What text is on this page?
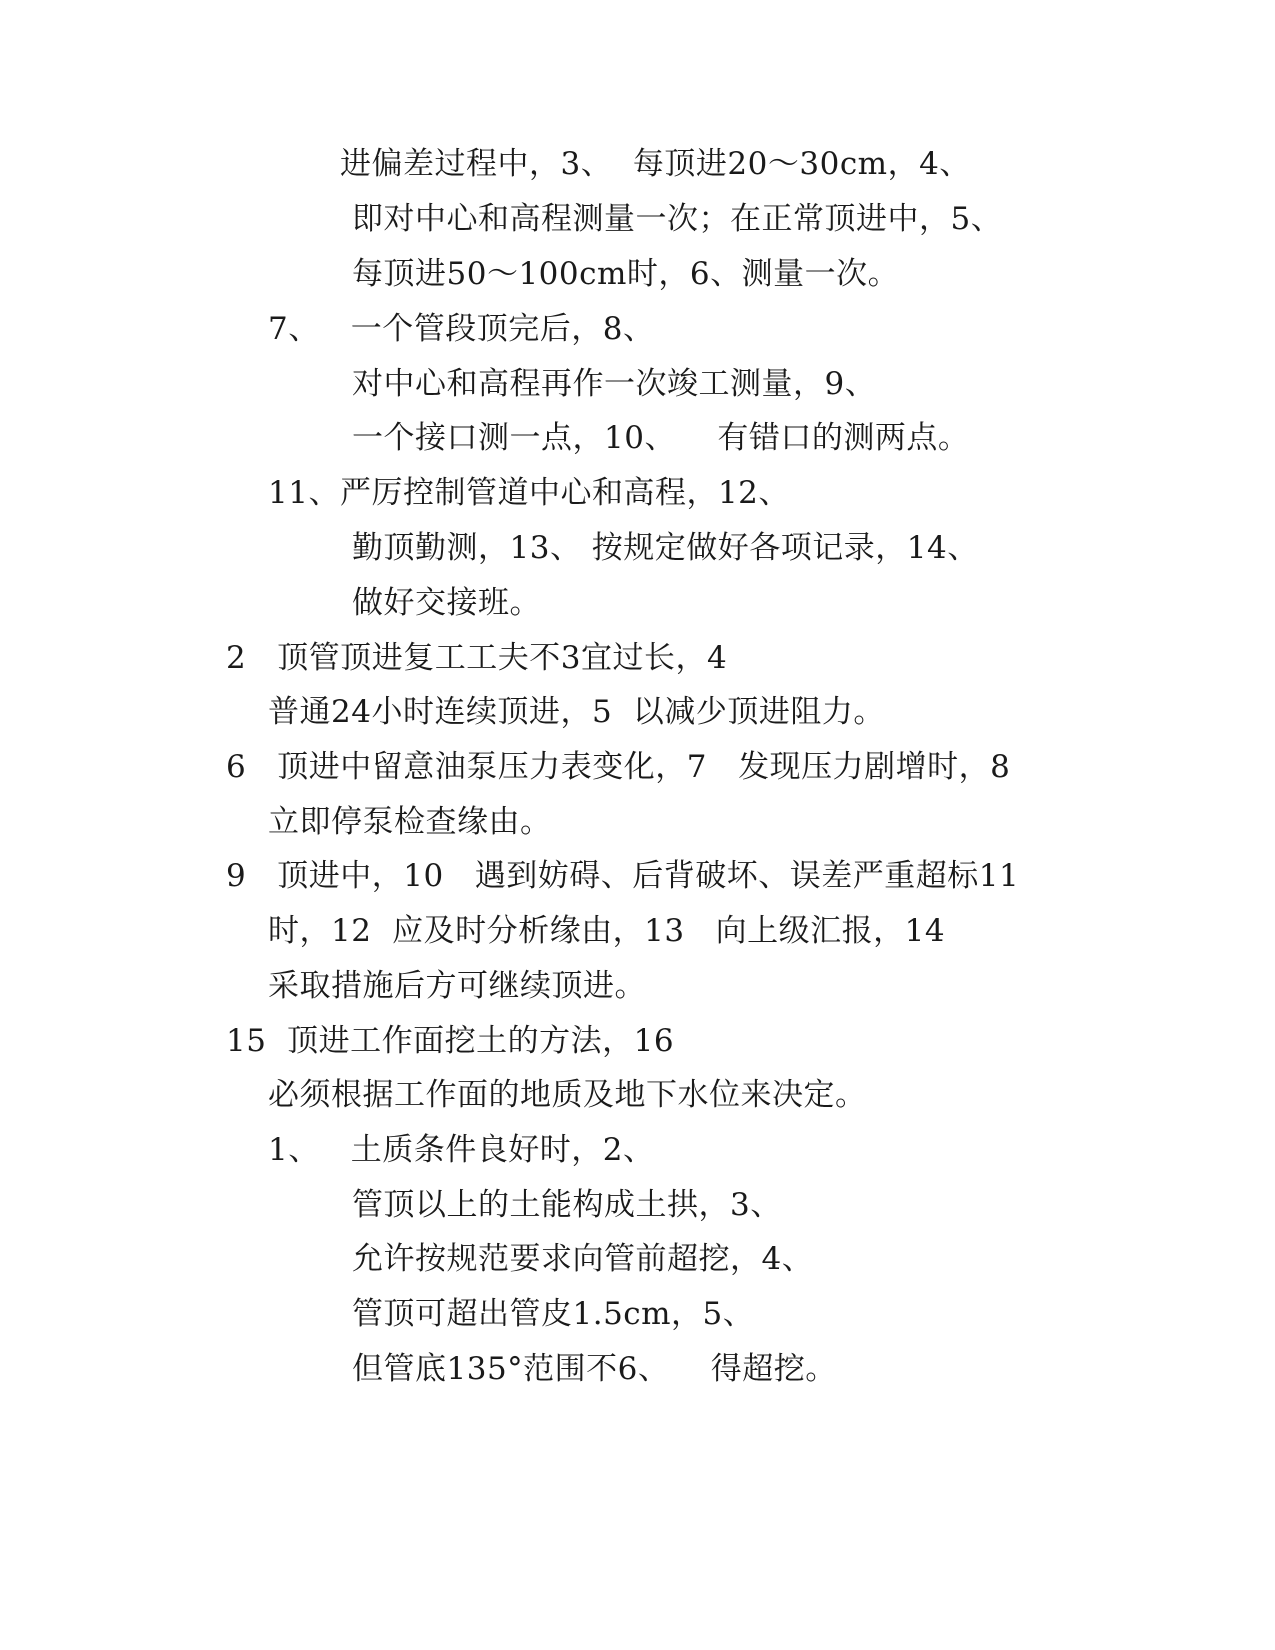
进偏差过程中，3、  每顶进20～30cm，4、
即对中心和高程测量一次；在正常顶进中，5、
每顶进50～100cm时，6、测量一次。
7、   一个管段顶完后，8、
对中心和高程再作一次竣工测量，9、
一个接口测一点，10、    有错口的测两点。
11、严厉控制管道中心和高程，12、
勤顶勤测，13、 按规定做好各项记录，14、
做好交接班。
2   顶管顶进复工工夫不3宜过长，4
普通24小时连续顶进，5  以减少顶进阻力。
6   顶进中留意油泵压力表变化，7   发现压力剧增时，8
立即停泵检查缘由。
9   顶进中，10   遇到妨碍、后背破坏、误差严重超标11
时，12  应及时分析缘由，13   向上级汇报，14
采取措施后方可继续顶进。
15  顶进工作面挖土的方法，16
必须根据工作面的地质及地下水位来决定。
1、   土质条件良好时，2、
管顶以上的土能构成土拱，3、
允许按规范要求向管前超挖，4、
管顶可超出管皮1.5cm，5、
但管底135°范围不6、    得超挖。
